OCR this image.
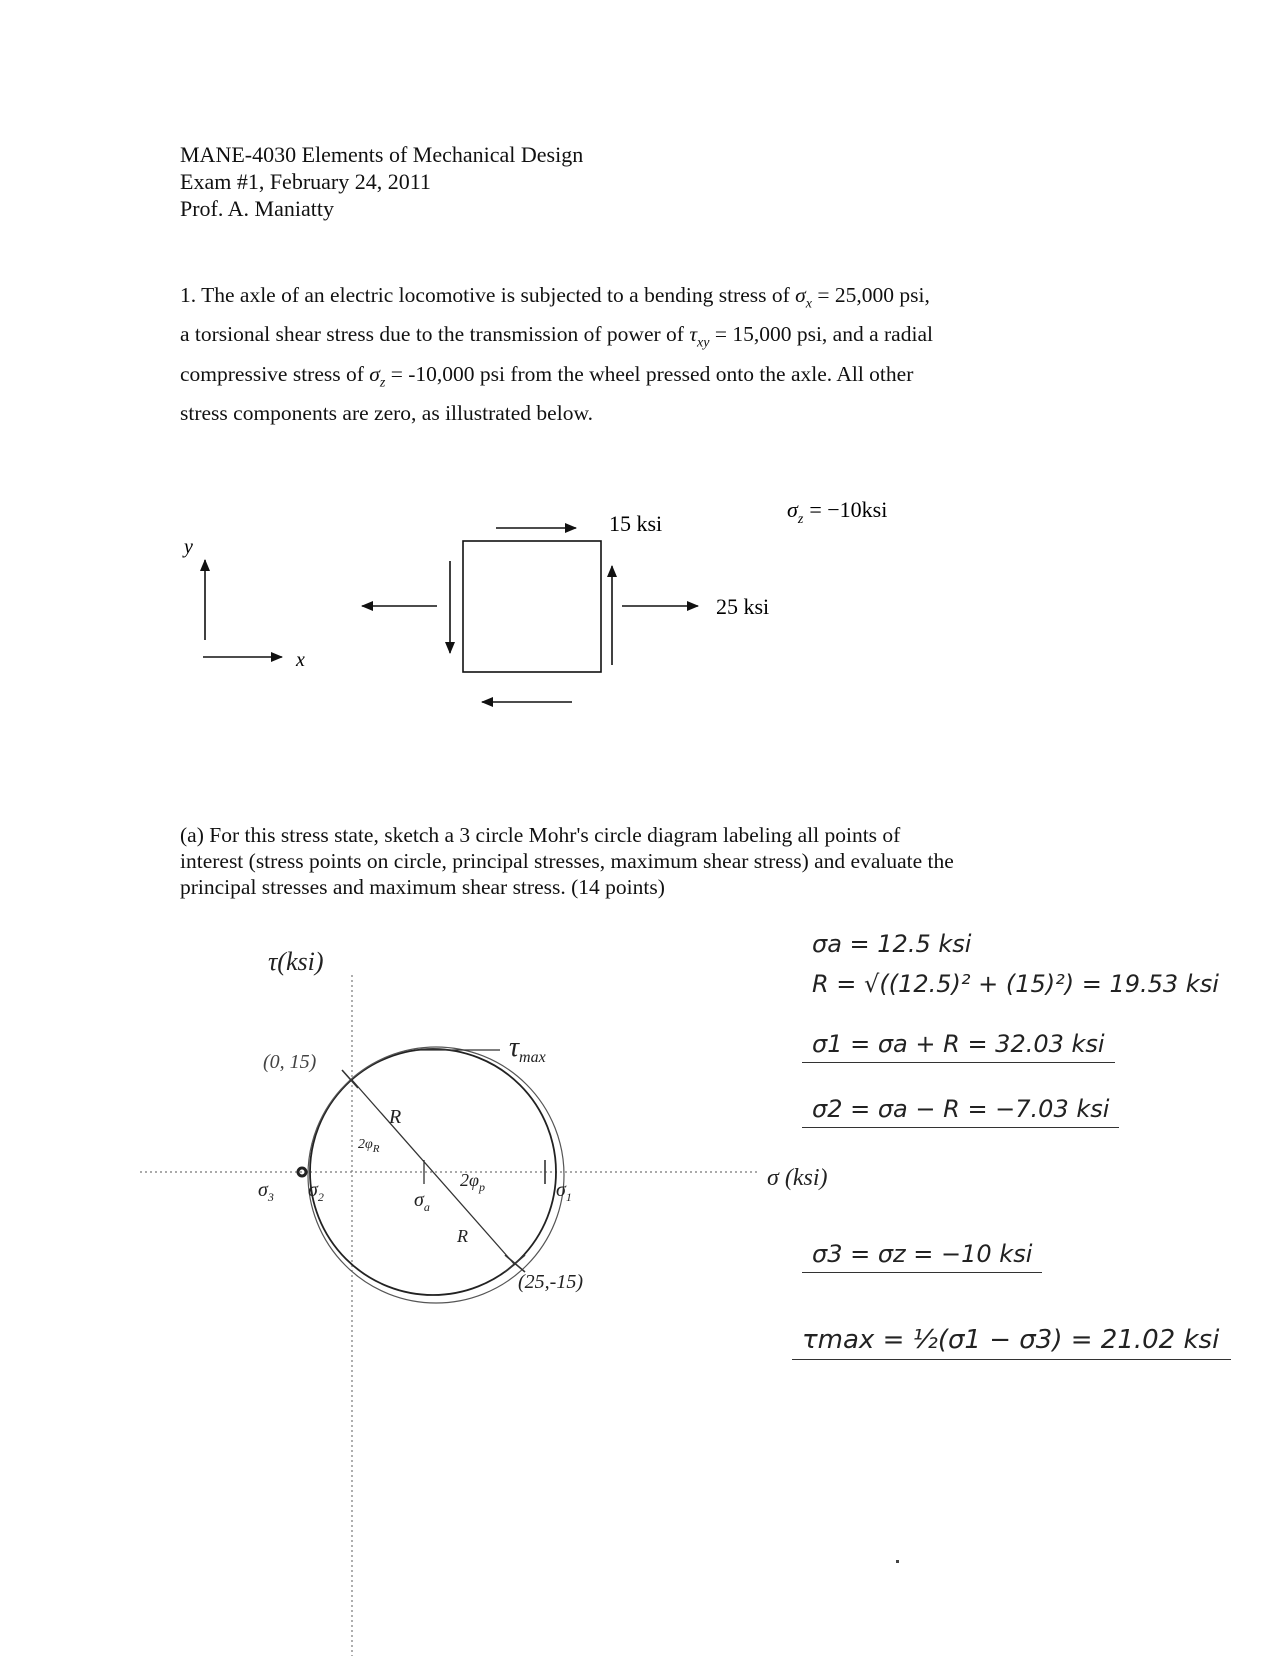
MANE-4030 Elements of Mechanical Design
Exam #1, February 24, 2011
Prof. A. Maniatty
1. The axle of an electric locomotive is subjected to a bending stress of $\sigma_x = 25,000$ psi,
a torsional shear stress due to the transmission of power of $\tau_{xy} = 15,000$ psi, and a radial
compressive stress of $\sigma_z = -10,000$ psi from the wheel pressed onto the axle. All other
stress components are zero, as illustrated below.
y
x
15 ksi
25 ksi
$\sigma_z = -10ksi$
(a) For this stress state, sketch a 3 circle Mohr's circle diagram labeling all points of
interest (stress points on circle, principal stresses, maximum shear stress) and evaluate the
principal stresses and maximum shear stress. (14 points)
τ(ksi)
σ (ksi)
(0, 15)
(25,-15)
$\tau_{max}$
R
R
$2\varphi_R$
$2\varphi_p$
$\sigma_3$ $\sigma_2$	$\sigma_a$
$\sigma_1$
σa = 12.5 ksi
R = √((12.5)² + (15)²) = 19.53 ksi
σ1 = σa + R = 32.03 ksi
σ2 = σa − R = −7.03 ksi
σ3 = σz = −10 ksi
τmax = ½(σ1 − σ3) = 21.02 ksi
